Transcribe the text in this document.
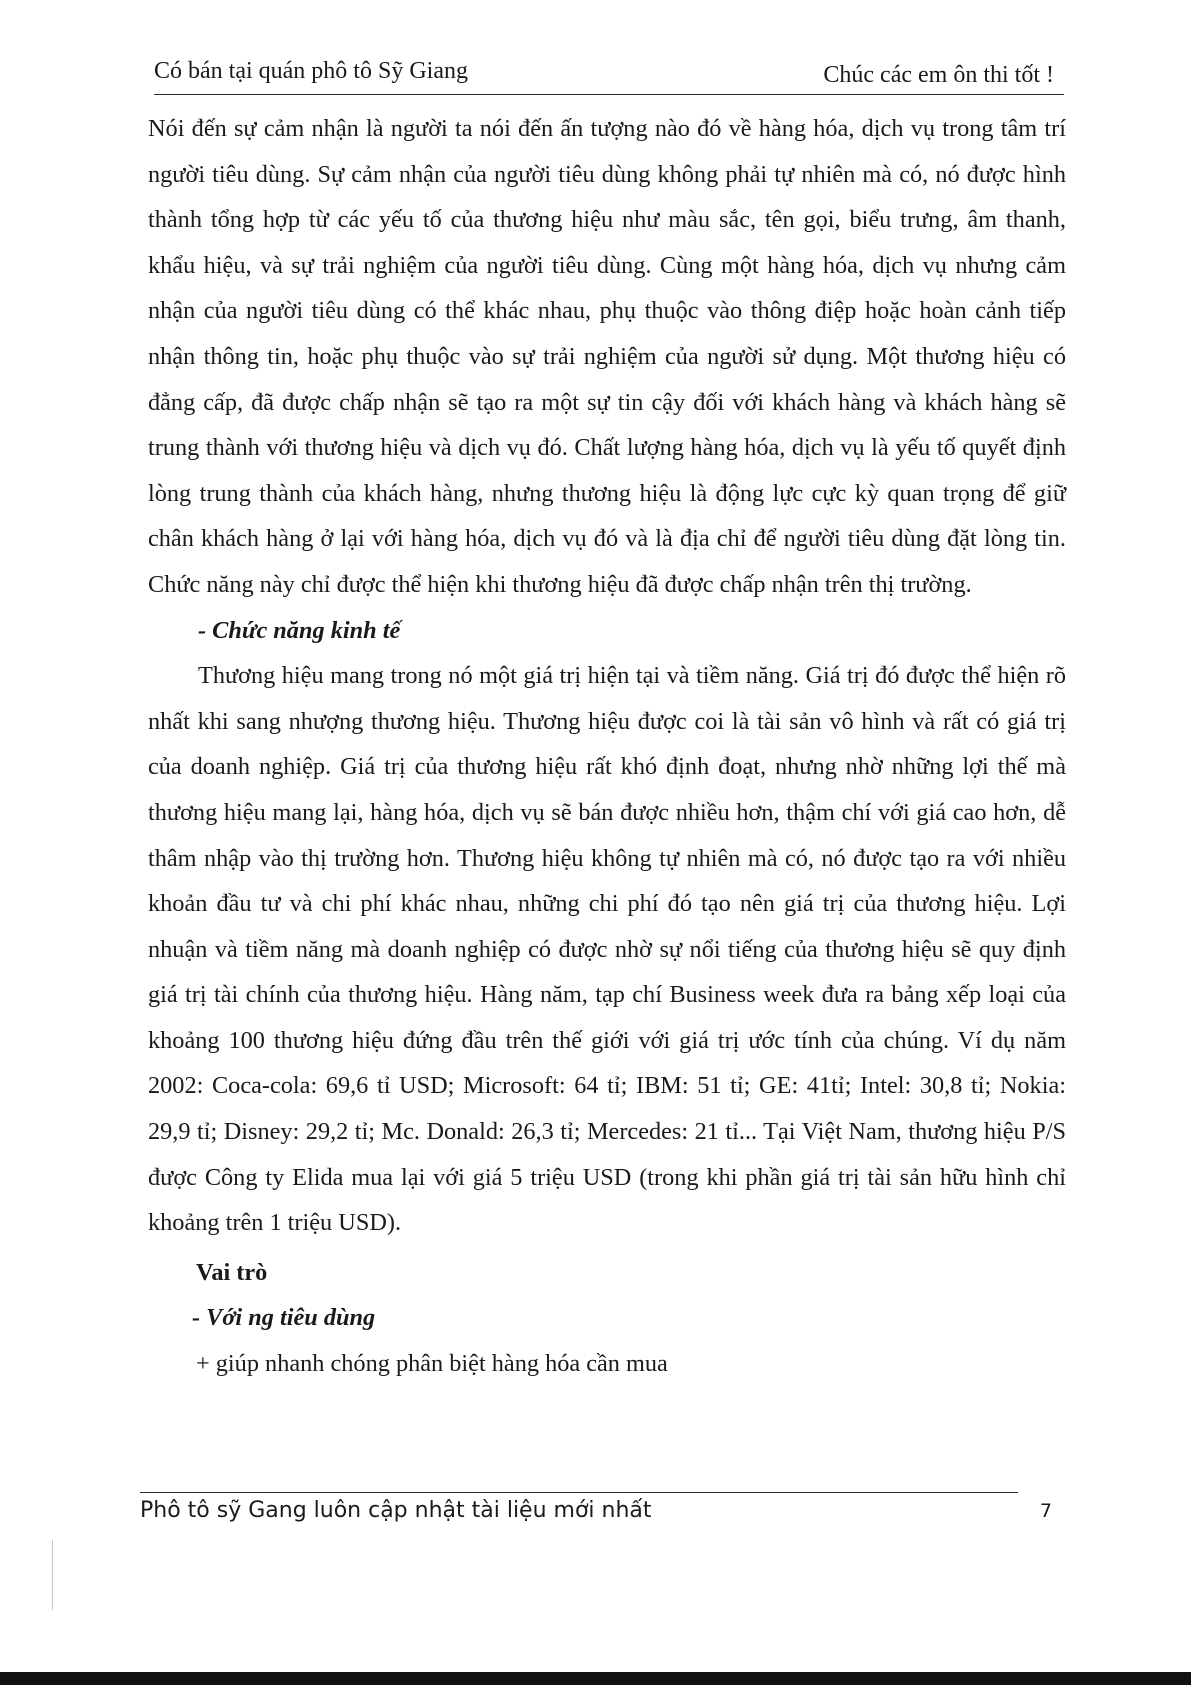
Có bán tại quán phô tô Sỹ Giang	Chúc các em ôn thi tốt !

Nói đến sự cảm nhận là người ta nói đến ấn tượng nào đó về hàng hóa, dịch vụ trong tâm trí người tiêu dùng. Sự cảm nhận của người tiêu dùng không phải tự nhiên mà có, nó được hình thành tổng hợp từ các yếu tố của thương hiệu như màu sắc, tên gọi, biểu trưng, âm thanh, khẩu hiệu, và sự trải nghiệm của người tiêu dùng. Cùng một hàng hóa, dịch vụ nhưng cảm nhận của người tiêu dùng có thể khác nhau, phụ thuộc vào thông điệp hoặc hoàn cảnh tiếp nhận thông tin, hoặc phụ thuộc vào sự trải nghiệm của người sử dụng. Một thương hiệu có đẳng cấp, đã được chấp nhận sẽ tạo ra một sự tin cậy đối với khách hàng và khách hàng sẽ trung thành với thương hiệu và dịch vụ đó. Chất lượng hàng hóa, dịch vụ là yếu tố quyết định lòng trung thành của khách hàng, nhưng thương hiệu là động lực cực kỳ quan trọng để giữ chân khách hàng ở lại với hàng hóa, dịch vụ đó và là địa chỉ để người tiêu dùng đặt lòng tin. Chức năng này chỉ được thể hiện khi thương hiệu đã được chấp nhận trên thị trường.

- Chức năng kinh tế

Thương hiệu mang trong nó một giá trị hiện tại và tiềm năng. Giá trị đó được thể hiện rõ nhất khi sang nhượng thương hiệu. Thương hiệu được coi là tài sản vô hình và rất có giá trị của doanh nghiệp. Giá trị của thương hiệu rất khó định đoạt, nhưng nhờ những lợi thế mà thương hiệu mang lại, hàng hóa, dịch vụ sẽ bán được nhiều hơn, thậm chí với giá cao hơn, dễ thâm nhập vào thị trường hơn. Thương hiệu không tự nhiên mà có, nó được tạo ra với nhiều khoản đầu tư và chi phí khác nhau, những chi phí đó tạo nên giá trị của thương hiệu. Lợi nhuận và tiềm năng mà doanh nghiệp có được nhờ sự nổi tiếng của thương hiệu sẽ quy định giá trị tài chính của thương hiệu. Hàng năm, tạp chí Business week đưa ra bảng xếp loại của khoảng 100 thương hiệu đứng đầu trên thế giới với giá trị ước tính của chúng. Ví dụ năm 2002: Coca-cola: 69,6 tỉ USD; Microsoft: 64 tỉ; IBM: 51 tỉ; GE: 41tỉ; Intel: 30,8 tỉ; Nokia: 29,9 tỉ; Disney: 29,2 tỉ; Mc. Donald: 26,3 tỉ; Mercedes: 21 tỉ... Tại Việt Nam, thương hiệu P/S được Công ty Elida mua lại với giá 5 triệu USD (trong khi phần giá trị tài sản hữu hình chỉ khoảng trên 1 triệu USD).

Vai trò

- Với ng tiêu dùng

+ giúp nhanh chóng phân biệt hàng hóa cần mua

Phô tô sỹ Gang luôn cập nhật tài liệu mới nhất	7
